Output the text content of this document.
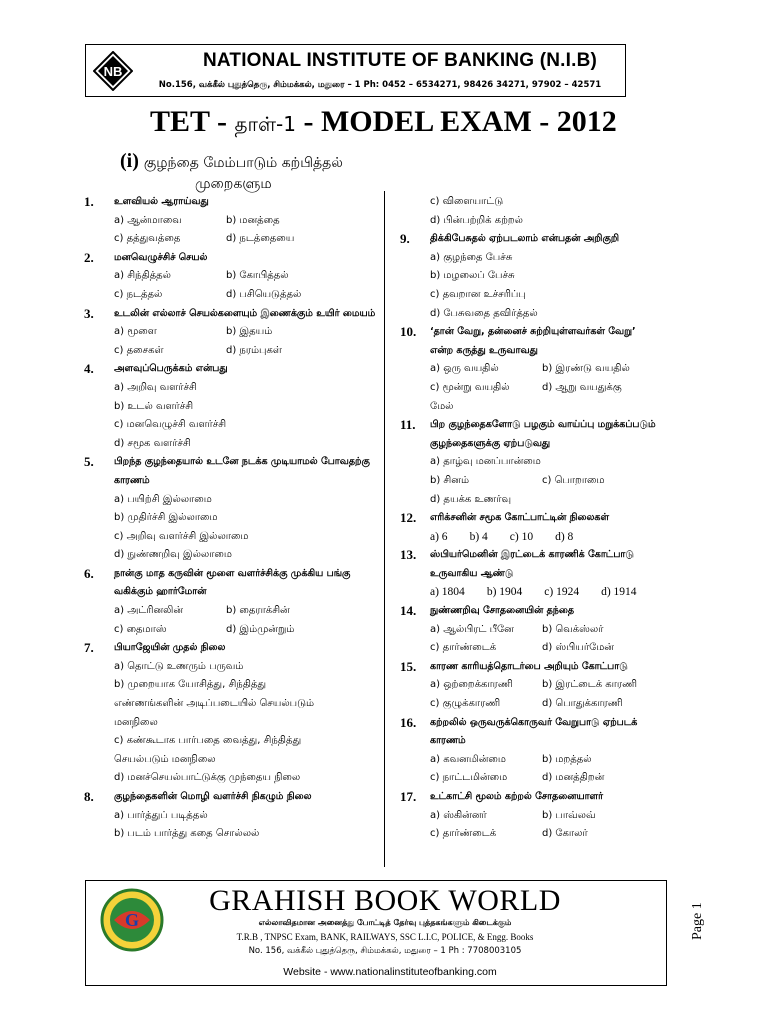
NB
NATIONAL INSTITUTE OF BANKING (N.I.B)
No.156, வக்கீல் புதுத்தெரு, சிம்மக்கல், மதுரை – 1 Ph: 0452 – 6534271, 98426 34271, 97902 – 42571
TET - தாள்-1 - MODEL EXAM - 2012
(i) குழந்தை மேம்பாடும் கற்பித்தல்
முறைகளும
1.	உளவியல் ஆராய்வது
a) ஆன்மாவை	b) மனத்தை
c) தத்துவத்தை	d) நடத்தையை
2.	மனவெழுச்சிச் செயல்
a) சிந்தித்தல்	b) கோபித்தல்
c) நடத்தல்	d) பசியெடுத்தல்
3.	உடலின் எல்லாச் செயல்களையும் இணைக்கும் உயிர் மையம்
a) மூளை	b) இதயம்
c) தசைகள்	d) நரம்புகள்
4.	அளவுப்பெருக்கம் என்பது
a) அறிவு வளர்ச்சி
b) உடல் வளர்ச்சி
c) மனவெழுச்சி வளர்ச்சி
d) சமூக வளர்ச்சி
5.	பிறந்த குழந்தையால் உடனே நடக்க முடியாமல் போவதற்கு காரணம்
a) பயிற்சி இல்லாமை
b) முதிர்ச்சி இல்லாமை
c) அறிவு வளர்ச்சி இல்லாமை
d) நுண்ணறிவு இல்லாமை
6.	நான்கு மாத கருவின் மூளை வளர்ச்சிக்கு முக்கிய பங்கு வகிக்கும் ஹார்மோன்
a) அட்ரினலின்	b) தைராக்சின்
c) தைமாஸ்	d) இம்முன்றும்
7.	பியாஜேயின் முதல் நிலை
a) தொட்டு உணரும் பருவம்
b) முறையாக யோசித்து, சிந்தித்து
எண்ணங்களின் அடிப்படையில் செயல்படும்
மனநிலை
c) கண்கூடாக பார்பதை வைத்து, சிந்தித்து
செயல்படும் மனநிலை
d) மனச்செயல்பாட்டுக்கு முந்தைய நிலை
8.	குழந்தைகளின் மொழி வளர்ச்சி நிகழும் நிலை
a) பார்த்துப் படித்தல்
b) படம் பார்த்து கதை சொல்லல்
c) விளையாட்டு
d) பின்பற்றிக் கற்றல்
9.	திக்கிபேசுதல் ஏற்படலாம் என்பதன் அறிகுறி
a) குழந்தை பேச்சு
b) மழலைப் பேச்சு
c) தவறான உச்சரிப்பு
d) பேசுவதை தவிர்த்தல்
10.	‘தான் வேறு, தன்னைச் சுற்றியுள்ளவர்கள் வேறு’ என்ற கருத்து உருவாவது
a) ஒரு வயதில்	b) இரண்டு வயதில்
c) மூன்று வயதில்	d) ஆறு வயதுக்கு
மேல்
11.	பிற குழந்தைகளோடு பழகும் வாய்ப்பு மறுக்கப்படும் குழந்தைகளுக்கு ஏற்படுவது
a) தாழ்வு மனப்பான்மை
b) சினம்	c) பொறாமை
d) தயக்க உணர்வு
12.	எரிக்சனின் சமூக கோட்பாட்டின் நிலைகள்
a) 6 b) 4 c) 10 d) 8
13.	ஸ்பியர்மெனின் இரட்டைக் காரணிக் கோட்பாடு உருவாகிய ஆண்டு
a) 1804 b) 1904 c) 1924 d) 1914
14.	நுண்ணறிவு சோதனையின் தந்தை
a) ஆல்பிரட் பீனே	b) வெக்ஸ்லர்
c) தார்ண்டைக்	d) ஸ்பியர்மேன்
15.	காரண காரியத்தொடர்பை அறியும் கோட்பாடு
a) ஒற்றைக்காரணி	b) இரட்டைக் காரணி
c) குழுக்காரணி	d) பொதுக்காரணி
16.	கற்றலில் ஒருவருக்கொருவர் வேறுபாடு ஏற்படக் காரணம்
a) கவனமின்மை	b) மறத்தல்
c) நாட்டமின்மை	d) மனத்திறன்
17.	உட்காட்சி மூலம் கற்றல் சோதனையாளர்
a) ஸ்கின்னர்	b) பாவ்லவ்
c) தார்ண்டைக்	d) கோலர்
G
GRAHISH BOOK WORLD
எல்லாவிதமான அனைத்து போட்டித் தேர்வு புத்தகங்களும் கிடைக்கும்
T.R.B , TNPSC Exam, BANK, RAILWAYS, SSC L.I.C, POLICE, & Engg. Books
No. 156, வக்கீல் புதுத்தெரு, சிம்மக்கல், மதுரை – 1 Ph : 7708003105
Website - www.nationalinstituteofbanking.com
Page 1
